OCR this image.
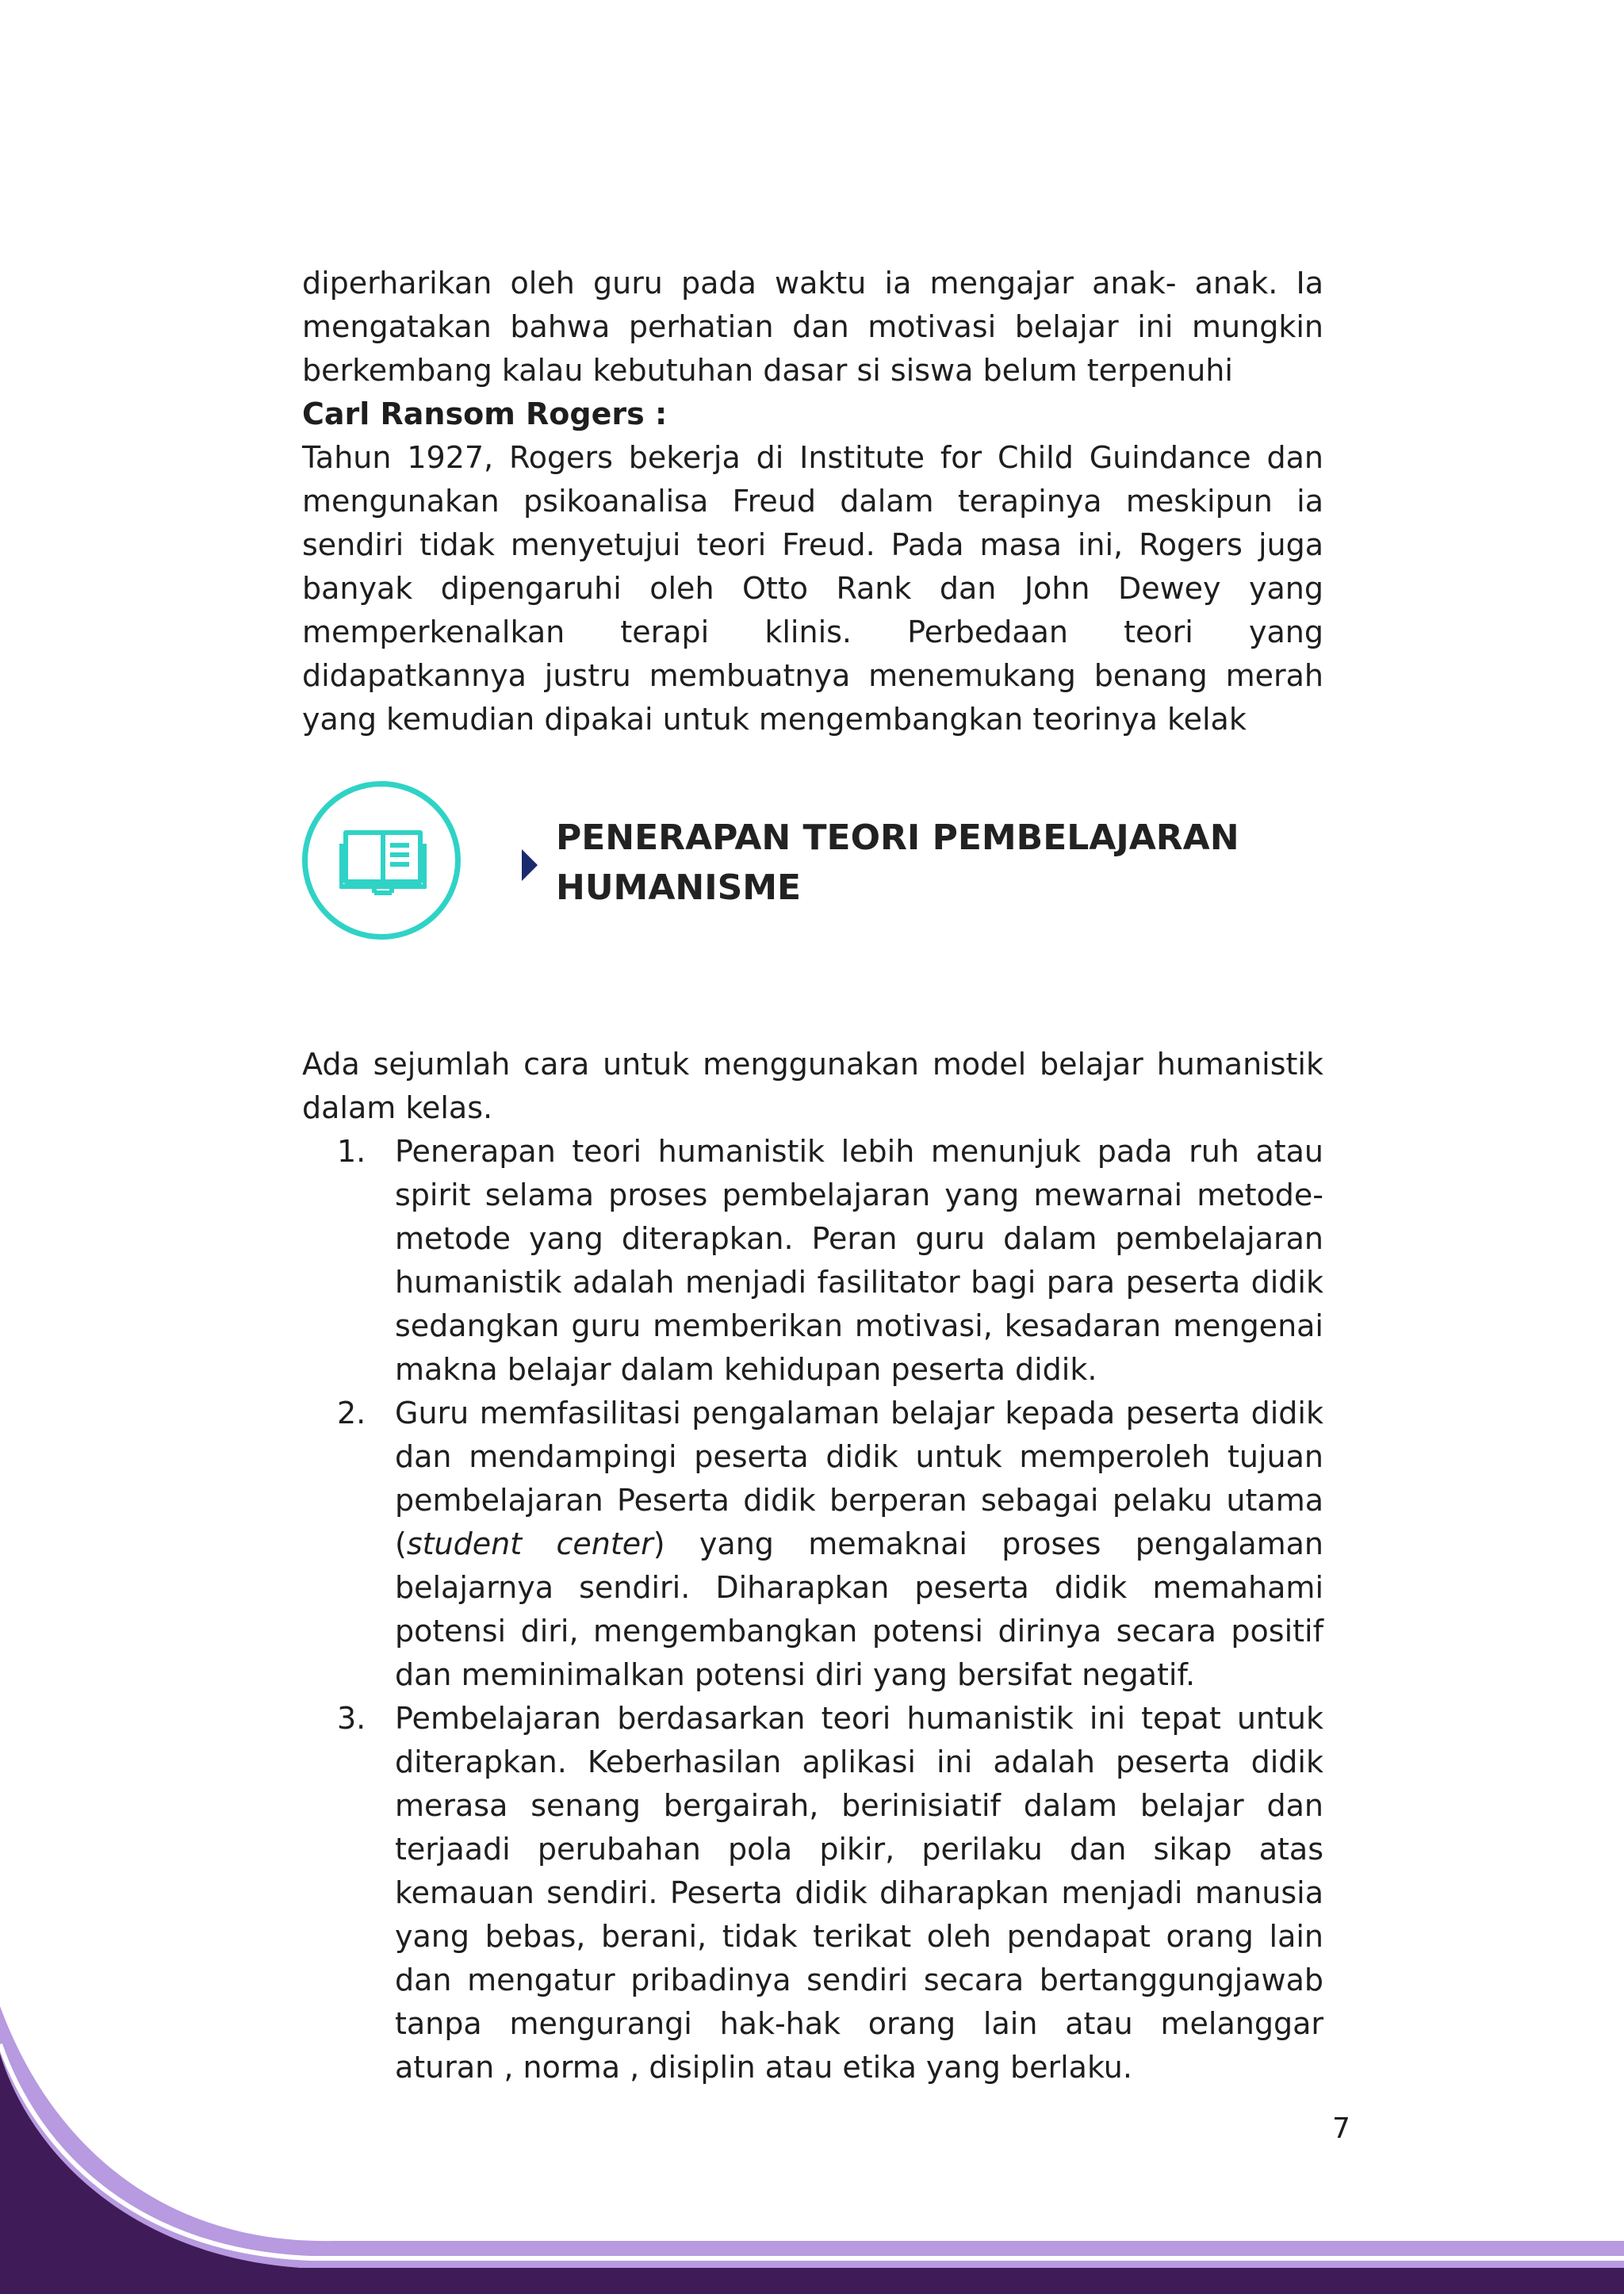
diperharikan oleh guru pada waktu ia mengajar anak- anak. Ia mengatakan bahwa perhatian dan motivasi belajar ini mungkin berkembang kalau kebutuhan dasar si siswa belum terpenuhi

Carl Ransom Rogers :

Tahun 1927, Rogers bekerja di Institute for Child Guindance dan mengunakan psikoanalisa Freud dalam terapinya meskipun ia sendiri tidak menyetujui teori Freud. Pada masa ini, Rogers juga banyak dipengaruhi oleh Otto Rank dan John Dewey yang memperkenalkan terapi klinis. Perbedaan teori yang didapatkannya justru membuatnya menemukang benang merah yang kemudian dipakai untuk mengembangkan teorinya kelak

PENERAPAN TEORI PEMBELAJARAN HUMANISME

Ada sejumlah cara untuk menggunakan model belajar humanistik dalam kelas.

1. Penerapan teori humanistik lebih menunjuk pada ruh atau spirit selama proses pembelajaran yang mewarnai metode-metode yang diterapkan. Peran guru dalam pembelajaran humanistik adalah menjadi fasilitator bagi para peserta didik sedangkan guru memberikan motivasi, kesadaran mengenai makna belajar dalam kehidupan peserta didik.
2. Guru memfasilitasi pengalaman belajar kepada peserta didik dan mendampingi peserta didik untuk memperoleh tujuan pembelajaran Peserta didik berperan sebagai pelaku utama (student center) yang memaknai proses pengalaman belajarnya sendiri. Diharapkan peserta didik memahami potensi diri, mengembangkan potensi dirinya secara positif dan meminimalkan potensi diri yang bersifat negatif.
3. Pembelajaran berdasarkan teori humanistik ini tepat untuk diterapkan. Keberhasilan aplikasi ini adalah peserta didik merasa senang bergairah, berinisiatif dalam belajar dan terjaadi perubahan pola pikir, perilaku dan sikap atas kemauan sendiri. Peserta didik diharapkan menjadi manusia yang bebas, berani, tidak terikat oleh pendapat orang lain dan mengatur pribadinya sendiri secara bertanggungjawab tanpa mengurangi hak-hak orang lain atau melanggar aturan , norma , disiplin atau etika yang berlaku.
7
